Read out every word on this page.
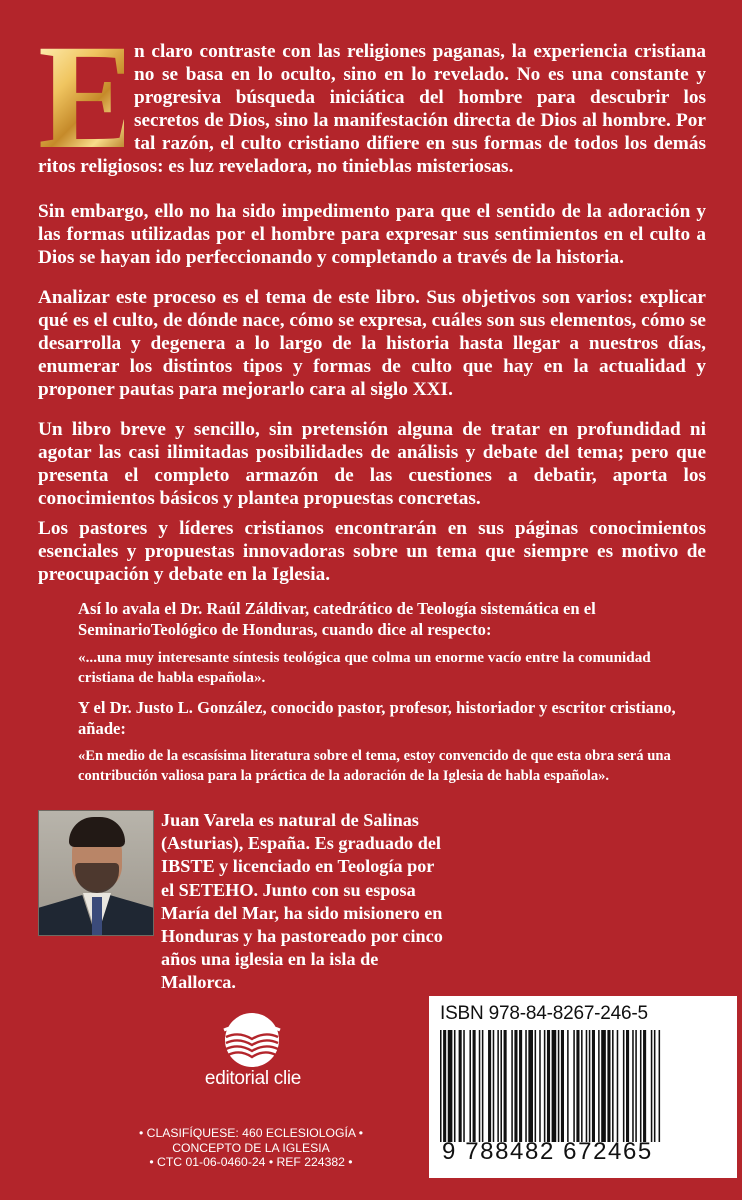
E
n claro contraste con las religiones paganas, la experiencia cristiana no se basa en lo oculto, sino en lo revelado. No es una constante y progresiva búsqueda iniciática del hombre para descubrir los secretos de Dios, sino la manifestación directa de Dios al hombre. Por tal razón, el culto cristiano difiere en sus formas de todos los demás ritos religiosos: es luz reveladora, no tinieblas misteriosas.

Sin embargo, ello no ha sido impedimento para que el sentido de la adoración y las formas utilizadas por el hombre para expresar sus sentimientos en el culto a Dios se hayan ido perfeccionando y completando a través de la historia.

Analizar este proceso es el tema de este libro. Sus objetivos son varios: explicar qué es el culto, de dónde nace, cómo se expresa, cuáles son sus elementos, cómo se desarrolla y degenera a lo largo de la historia hasta llegar a nuestros días, enumerar los distintos tipos y formas de culto que hay en la actualidad y proponer pautas para mejorarlo cara al siglo XXI.

Un libro breve y sencillo, sin pretensión alguna de tratar en profundidad ni agotar las casi ilimitadas posibilidades de análisis y debate del tema; pero que presenta el completo armazón de las cuestiones a debatir, aporta los conocimientos básicos y plantea propuestas concretas.

Los pastores y líderes cristianos encontrarán en sus páginas conocimientos esenciales y propuestas innovadoras sobre un tema que siempre es motivo de preocupación y debate en la Iglesia.

Así lo avala el Dr. Raúl Záldivar, catedrático de Teología sistemática en el SeminarioTeológico de Honduras, cuando dice al respecto:

«...una muy interesante síntesis teológica que colma un enorme vacío entre la comunidad cristiana de habla española».

Y el Dr. Justo L. González, conocido pastor, profesor, historiador y escritor cristiano, añade:

«En medio de la escasísima literatura sobre el tema, estoy convencido de que esta obra será una contribución valiosa para la práctica de la adoración de la Iglesia de habla española».

Juan Varela es natural de Salinas (Asturias), España. Es graduado del IBSTE y licenciado en Teología por el SETEHO. Junto con su esposa María del Mar, ha sido misionero en Honduras y ha pastoreado por cinco años una iglesia en la isla de Mallorca.

editorial clie
• CLASIFÍQUESE: 460 ECLESIOLOGÍA •
CONCEPTO DE LA IGLESIA
• CTC 01-06-0460-24 • REF 224382 •
ISBN 978-84-8267-246-5
9 788482 672465
